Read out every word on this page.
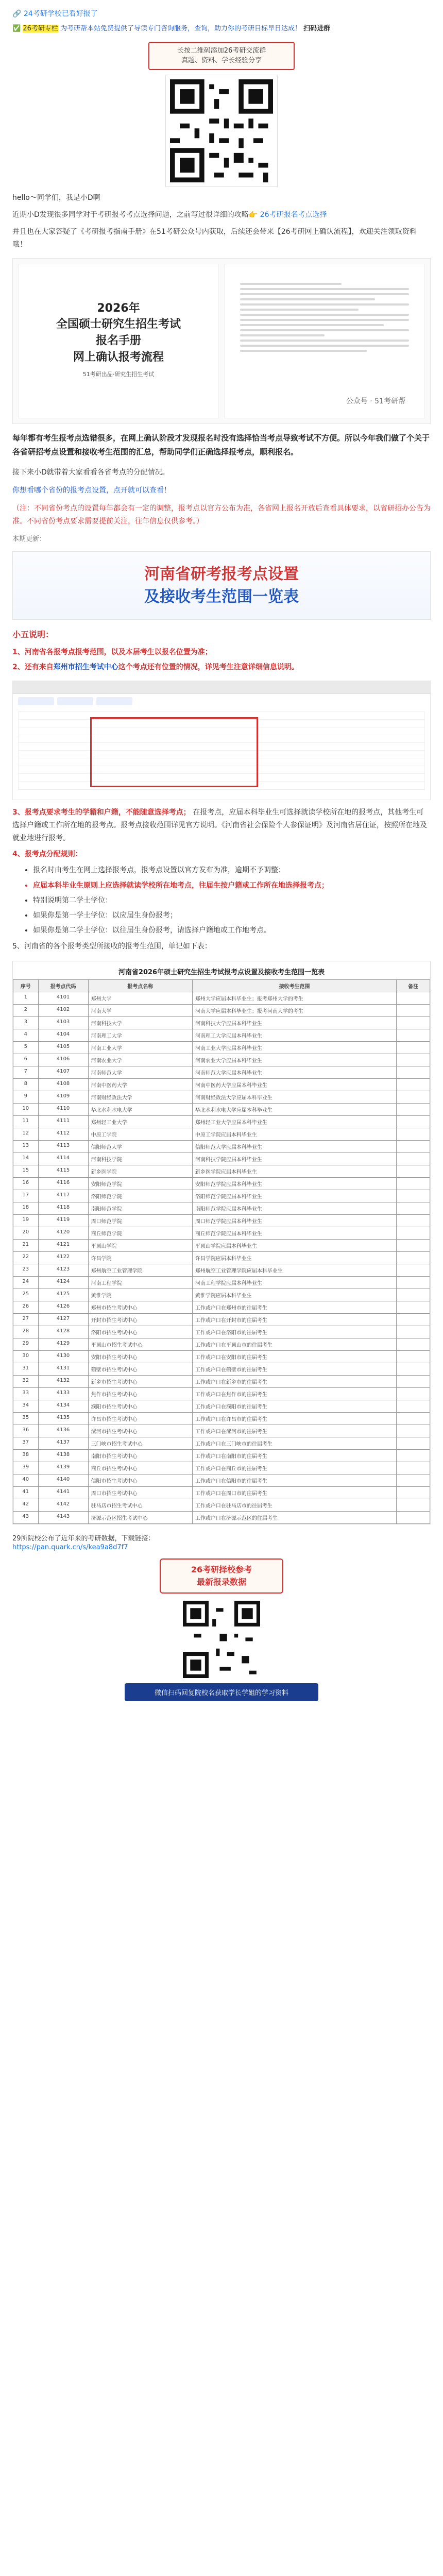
🔗 24考研学校已看好报了
✅ 26考研专栏 为考研帮本站免费提供了导读专门咨询服务，查询，助力你的考研目标早日达成！ 扫码进群
长按二维码添加26考研交流群
真题、资料、学长经验分享
hello～同学们，我是小D啊
近期小D发现很多同学对于考研报考考点选择问题，之前写过很详细的攻略👉 26考研报名考点选择
并且也在大家答疑了《考研报考指南手册》在51考研公众号内获取，后续还会带来【26考研网上确认流程】，欢迎关注领取资料哦！
2026年
全国硕士研究生招生考试
报名手册
网上确认报考流程
51考研出品·研究生招生考试
公众号 · 51考研帮
每年都有考生报考点选错很多，在网上确认阶段才发现报名时没有选择恰当考点导致考试不方便。所以今年我们做了个关于各省研招考点设置和接收考生范围的汇总，帮助同学们正确选择报考点，顺利报名。
接下来小D就带着大家看看各省考点的分配情况。
你想看哪个省份的报考点设置，点开就可以查看！
（注：不同省份考点的设置每年都会有一定的调整，报考点以官方公布为准，各省网上报名开放后查看具体要求，以省研招办公告为准。不同省份考点要求需要提前关注，往年信息仅供参考。）
本期更新：
河南省研考报考点设置
及接收考生范围一览表
小五说明：
1、河南省各报考点报考范围，以及本届考生以报名位置为准；
2、还有来自郑州市招生考试中心这个考点还有位置的情况，详见考生注意详细信息说明。
3、报考点要求考生的学籍和户籍，不能随意选择考点； 在报考点，应届本科毕业生可选择就读学校所在地的报考点，其他考生可选择户籍或工作所在地的报考点。报考点接收范围详见官方说明。《河南省社会保险个人参保证明》及河南省居住证，按照所在地及就业地进行报考。
4、报考点分配规则：
• 报名时由考生在网上选择报考点，报考点设置以官方发布为准，逾期不予调整；
• 应届本科毕业生原则上应选择就读学校所在地考点，往届生按户籍或工作所在地选择报考点；
• 特别说明第二学士学位：
• 如果你是第一学士学位：以应届生身份报考；
• 如果你是第二学士学位：以往届生身份报考，请选择户籍地或工作地考点。
5、河南省的各个报考类型所接收的报考生范围，单记如下表：
河南省2026年硕士研究生招生考试报考点设置及接收考生范围一览表
序号	报考点代码	报考点名称	接收考生范围	备注
1	4101	郑州大学	郑州大学应届本科毕业生；报考郑州大学的考生	
2	4102	河南大学	河南大学应届本科毕业生；报考河南大学的考生	
3	4103	河南科技大学	河南科技大学应届本科毕业生	
4	4104	河南理工大学	河南理工大学应届本科毕业生	
5	4105	河南工业大学	河南工业大学应届本科毕业生	
6	4106	河南农业大学	河南农业大学应届本科毕业生	
7	4107	河南师范大学	河南师范大学应届本科毕业生	
8	4108	河南中医药大学	河南中医药大学应届本科毕业生	
9	4109	河南财经政法大学	河南财经政法大学应届本科毕业生	
10	4110	华北水利水电大学	华北水利水电大学应届本科毕业生	
11	4111	郑州轻工业大学	郑州轻工业大学应届本科毕业生	
12	4112	中原工学院	中原工学院应届本科毕业生	
13	4113	信阳师范大学	信阳师范大学应届本科毕业生	
14	4114	河南科技学院	河南科技学院应届本科毕业生	
15	4115	新乡医学院	新乡医学院应届本科毕业生	
16	4116	安阳师范学院	安阳师范学院应届本科毕业生	
17	4117	洛阳师范学院	洛阳师范学院应届本科毕业生	
18	4118	南阳师范学院	南阳师范学院应届本科毕业生	
19	4119	周口师范学院	周口师范学院应届本科毕业生	
20	4120	商丘师范学院	商丘师范学院应届本科毕业生	
21	4121	平顶山学院	平顶山学院应届本科毕业生	
22	4122	许昌学院	许昌学院应届本科毕业生	
23	4123	郑州航空工业管理学院	郑州航空工业管理学院应届本科毕业生	
24	4124	河南工程学院	河南工程学院应届本科毕业生	
25	4125	黄淮学院	黄淮学院应届本科毕业生	
26	4126	郑州市招生考试中心	工作或户口在郑州市的往届考生	
27	4127	开封市招生考试中心	工作或户口在开封市的往届考生	
28	4128	洛阳市招生考试中心	工作或户口在洛阳市的往届考生	
29	4129	平顶山市招生考试中心	工作或户口在平顶山市的往届考生	
30	4130	安阳市招生考试中心	工作或户口在安阳市的往届考生	
31	4131	鹤壁市招生考试中心	工作或户口在鹤壁市的往届考生	
32	4132	新乡市招生考试中心	工作或户口在新乡市的往届考生	
33	4133	焦作市招生考试中心	工作或户口在焦作市的往届考生	
34	4134	濮阳市招生考试中心	工作或户口在濮阳市的往届考生	
35	4135	许昌市招生考试中心	工作或户口在许昌市的往届考生	
36	4136	漯河市招生考试中心	工作或户口在漯河市的往届考生	
37	4137	三门峡市招生考试中心	工作或户口在三门峡市的往届考生	
38	4138	南阳市招生考试中心	工作或户口在南阳市的往届考生	
39	4139	商丘市招生考试中心	工作或户口在商丘市的往届考生	
40	4140	信阳市招生考试中心	工作或户口在信阳市的往届考生	
41	4141	周口市招生考试中心	工作或户口在周口市的往届考生	
42	4142	驻马店市招生考试中心	工作或户口在驻马店市的往届考生	
43	4143	济源示范区招生考试中心	工作或户口在济源示范区的往届考生	
29所院校公布了近年来的考研数据，下载链接：
https://pan.quark.cn/s/kea9a8d7f7
26考研择校参考
最新报录数据
微信扫码回复院校名获取学长学姐的学习资料
